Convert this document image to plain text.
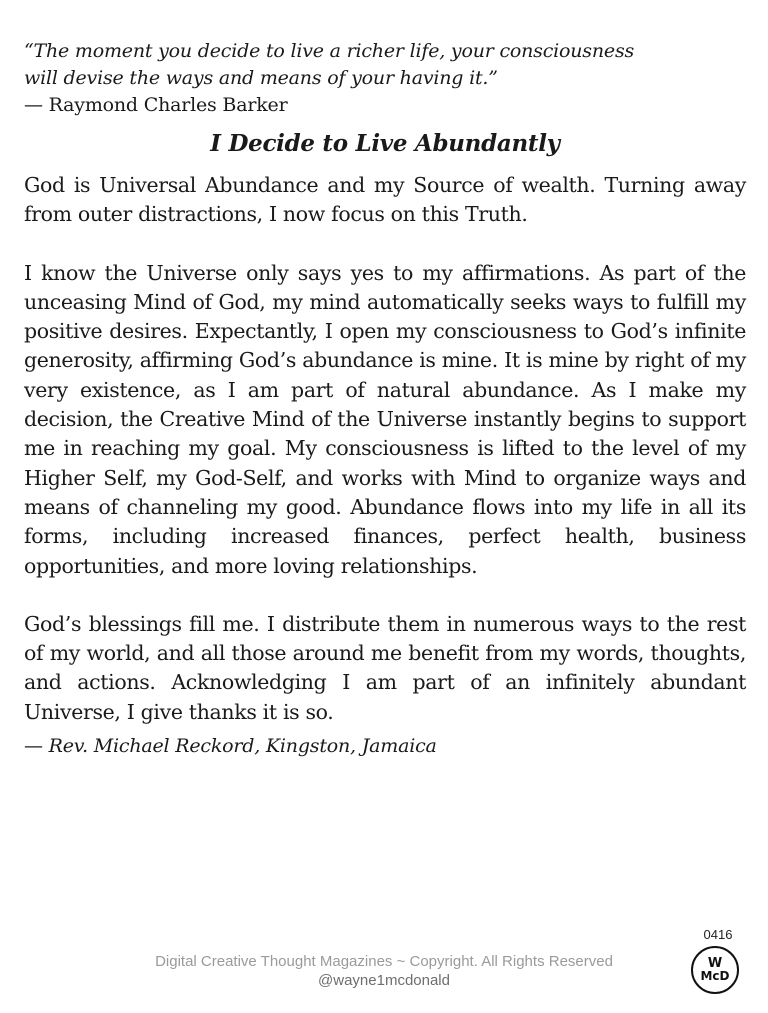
“The moment you decide to live a richer life, your consciousness
will devise the ways and means of your having it.”

— Raymond Charles Barker

I Decide to Live Abundantly

God is Universal Abundance and my Source of wealth. Turning away from outer distractions, I now focus on this Truth.

I know the Universe only says yes to my affirmations. As part of the unceasing Mind of God, my mind automatically seeks ways to fulfill my positive desires. Expectantly, I open my consciousness to God’s infinite generosity, affirming God’s abundance is mine. It is mine by right of my very existence, as I am part of natural abundance. As I make my decision, the Creative Mind of the Universe instantly begins to support me in reaching my goal. My consciousness is lifted to the level of my Higher Self, my God-Self, and works with Mind to organize ways and means of channeling my good. Abundance flows into my life in all its forms, including increased finances, perfect health, business opportunities, and more loving relationships.

God’s blessings fill me. I distribute them in numerous ways to the rest of my world, and all those around me benefit from my words, thoughts, and actions. Acknowledging I am part of an infinitely abundant Universe, I give thanks it is so.

— Rev. Michael Reckord, Kingston, Jamaica

0416
Digital Creative Thought Magazines ~ Copyright. All Rights Reserved
@wayne1mcdonald
W
McD
